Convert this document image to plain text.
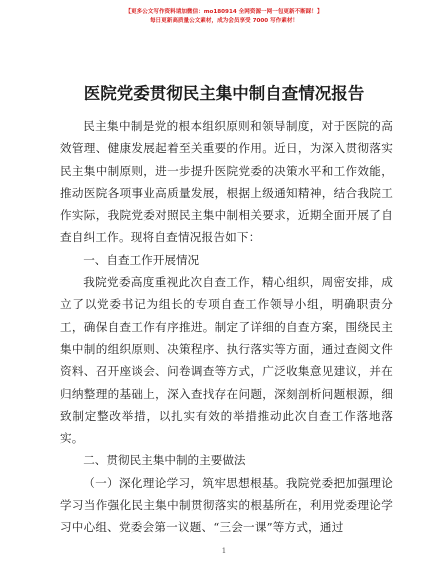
【更多公文写作资料请加微信：mo180914 全网资源一网一包更新不断踩！】
每日更新高质量公文素材，成为会员享受 7000 写作素材！
医院党委贯彻民主集中制自查情况报告

民主集中制是党的根本组织原则和领导制度，对于医院的高效管理、健康发展起着至关重要的作用。近日，为深入贯彻落实民主集中制原则，进一步提升医院党委的决策水平和工作效能，推动医院各项事业高质量发展，根据上级通知精神，结合我院工作实际，我院党委对照民主集中制相关要求，近期全面开展了自查自纠工作。现将自查情况报告如下：

一、自查工作开展情况

我院党委高度重视此次自查工作，精心组织，周密安排，成立了以党委书记为组长的专项自查工作领导小组，明确职责分工，确保自查工作有序推进。制定了详细的自查方案，围绕民主集中制的组织原则、决策程序、执行落实等方面，通过查阅文件资料、召开座谈会、问卷调查等方式，广泛收集意见建议，并在归纳整理的基础上，深入查找存在问题，深刻剖析问题根源，细致制定整改举措，以扎实有效的举措推动此次自查工作落地落实。

二、贯彻民主集中制的主要做法

（一）深化理论学习，筑牢思想根基。我院党委把加强理论学习当作强化民主集中制贯彻落实的根基所在，利用党委理论学习中心组、党委会第一议题、“三会一课”等方式，通过

1
